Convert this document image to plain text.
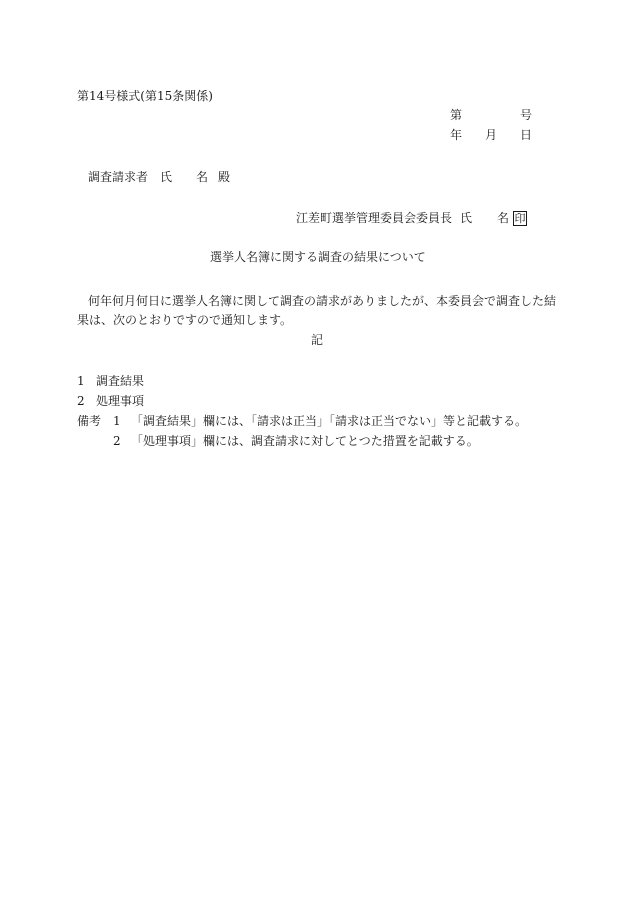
第14号様式(第15条関係)
第	号
年 月 日
調査請求者 氏 名 殿
江差町選挙管理委員会委員長 氏 名 印
選挙人名簿に関する調査の結果について
何年何月何日に選挙人名簿に関して調査の請求がありましたが、本委員会で調査した結
果は、次のとおりですので通知します。
記
1 調査結果
2 処理事項
備考 1 「調査結果」欄には、「請求は正当」「請求は正当でない」等と記載する。
2 「処理事項」欄には、調査請求に対してとつた措置を記載する。
